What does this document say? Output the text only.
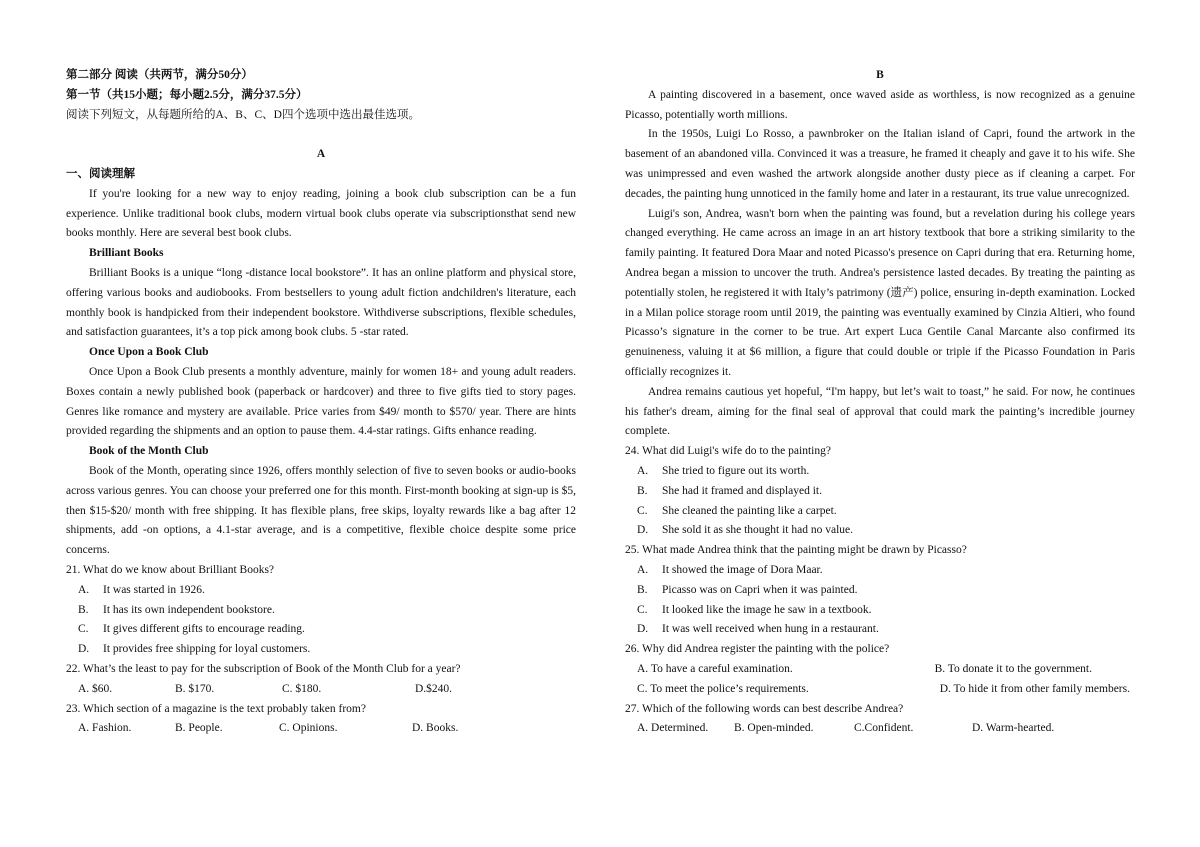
第二部分 阅读（共两节，满分50分）

第一节（共15小题；每小题2.5分，满分37.5分）

阅读下列短文，从每题所给的A、B、C、D四个选项中选出最佳选项。

A

一、阅读理解

If you're looking for a new way to enjoy reading, joining a book club subscription can be a fun experience. Unlike traditional book clubs, modern virtual book clubs operate via subscriptionsthat send new books monthly. Here are several best book clubs.

Brilliant Books

Brilliant Books is a unique “long -distance local bookstore”. It has an online platform and physical store, offering various books and audiobooks. From bestsellers to young adult fiction andchildren's literature, each monthly book is handpicked from their independent bookstore. Withdiverse subscriptions, flexible schedules, and satisfaction guarantees, it’s a top pick among book clubs. 5 -star rated.

Once Upon a Book Club

Once Upon a Book Club presents a monthly adventure, mainly for women 18+ and young adult readers. Boxes contain a newly published book (paperback or hardcover) and three to five gifts tied to story pages. Genres like romance and mystery are available. Price varies from $49/ month to $570/ year. There are hints provided regarding the shipments and an option to pause them. 4.4-star ratings. Gifts enhance reading.

Book of the Month Club

Book of the Month, operating since 1926, offers monthly selection of five to seven books or audio-books across various genres. You can choose your preferred one for this month. First-month booking at sign-up is $5, then $15-$20/ month with free shipping. It has flexible plans, free skips, loyalty rewards like a bag after 12 shipments, add -on options, a 4.1-star average, and is a competitive, flexible choice despite some price concerns.

21. What do we know about Brilliant Books?

A.	It was started in 1926.
B.	It has its own independent bookstore.
C.	It gives different gifts to encourage reading.
D.	It provides free shipping for loyal customers.

22. What’s the least to pay for the subscription of Book of the Month Club for a year?

A. $60.	B. $170.	C. $180.	D.$240.

23. Which section of a magazine is the text probably taken from?

A. Fashion.	B. People.	C. Opinions.	D. Books.

B

A painting discovered in a basement, once waved aside as worthless, is now recognized as a genuine Picasso, potentially worth millions.

In the 1950s, Luigi Lo Rosso, a pawnbroker on the Italian island of Capri, found the artwork in the basement of an abandoned villa. Convinced it was a treasure, he framed it cheaply and gave it to his wife. She was unimpressed and even washed the artwork alongside another dusty piece as if cleaning a carpet. For decades, the painting hung unnoticed in the family home and later in a restaurant, its true value unrecognized.

Luigi's son, Andrea, wasn't born when the painting was found, but a revelation during his college years changed everything. He came across an image in an art history textbook that bore a striking similarity to the family painting. It featured Dora Maar and noted Picasso's presence on Capri during that era. Returning home, Andrea began a mission to uncover the truth. Andrea's persistence lasted decades. By treating the painting as potentially stolen, he registered it with Italy’s patrimony (遗产) police, ensuring in-depth examination. Locked in a Milan police storage room until 2019, the painting was eventually examined by Cinzia Altieri, who found Picasso’s signature in the corner to be true. Art expert Luca Gentile Canal Marcante also confirmed its genuineness, valuing it at $6 million, a figure that could double or triple if the Picasso Foundation in Paris officially recognizes it.

Andrea remains cautious yet hopeful, “I'm happy, but let’s wait to toast,” he said. For now, he continues his father's dream, aiming for the final seal of approval that could mark the painting’s incredible journey complete.

24. What did Luigi's wife do to the painting?

A.	She tried to figure out its worth.
B.	She had it framed and displayed it.
C.	She cleaned the painting like a carpet.
D.	She sold it as she thought it had no value.

25. What made Andrea think that the painting might be drawn by Picasso?

A.	It showed the image of Dora Maar.
B.	Picasso was on Capri when it was painted.
C.	It looked like the image he saw in a textbook.
D.	It was well received when hung in a restaurant.

26. Why did Andrea register the painting with the police?

A. To have a careful examination.	B. To donate it to the government.
C. To meet the police’s requirements.	D. To hide it from other family members.

27. Which of the following words can best describe Andrea?

A. Determined.	B. Open-minded.	C.Confident.	D. Warm-hearted.
